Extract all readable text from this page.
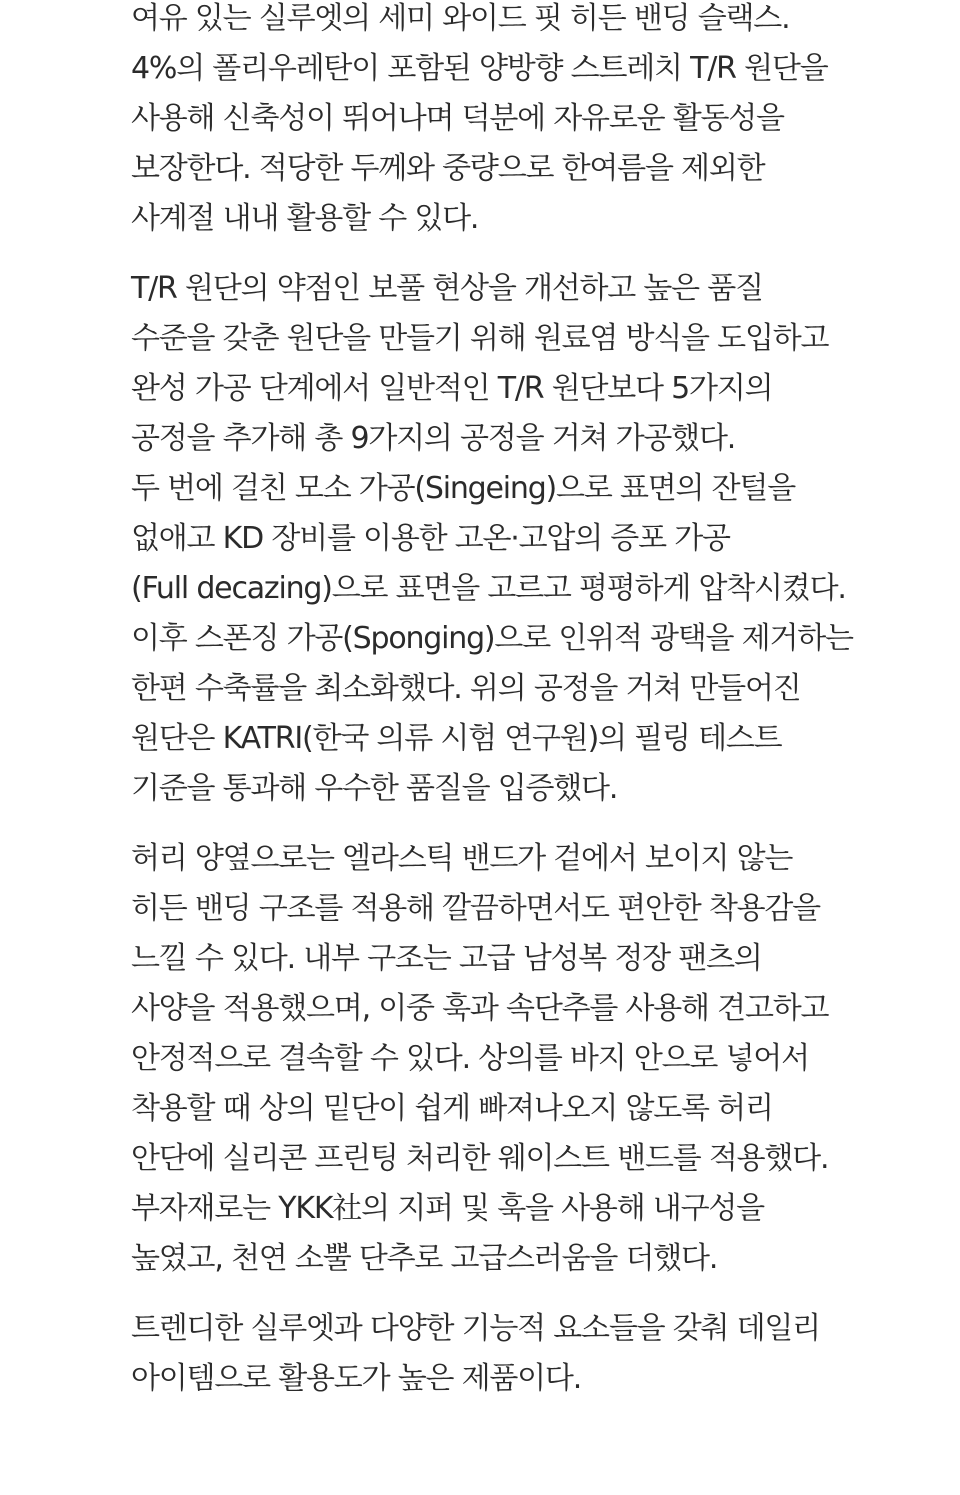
여유 있는 실루엣의 세미 와이드 핏 히든 밴딩 슬랙스.
4%의 폴리우레탄이 포함된 양방향 스트레치 T/R 원단을
사용해 신축성이 뛰어나며 덕분에 자유로운 활동성을
보장한다. 적당한 두께와 중량으로 한여름을 제외한
사계절 내내 활용할 수 있다.
T/R 원단의 약점인 보풀 현상을 개선하고 높은 품질
수준을 갖춘 원단을 만들기 위해 원료염 방식을 도입하고
완성 가공 단계에서 일반적인 T/R 원단보다 5가지의
공정을 추가해 총 9가지의 공정을 거쳐 가공했다.
두 번에 걸친 모소 가공(Singeing)으로 표면의 잔털을
없애고 KD 장비를 이용한 고온·고압의 증포 가공
(Full decazing)으로 표면을 고르고 평평하게 압착시켰다.
이후 스폰징 가공(Sponging)으로 인위적 광택을 제거하는
한편 수축률을 최소화했다. 위의 공정을 거쳐 만들어진
원단은 KATRI(한국 의류 시험 연구원)의 필링 테스트
기준을 통과해 우수한 품질을 입증했다.
허리 양옆으로는 엘라스틱 밴드가 겉에서 보이지 않는
히든 밴딩 구조를 적용해 깔끔하면서도 편안한 착용감을
느낄 수 있다. 내부 구조는 고급 남성복 정장 팬츠의
사양을 적용했으며, 이중 훅과 속단추를 사용해 견고하고
안정적으로 결속할 수 있다. 상의를 바지 안으로 넣어서
착용할 때 상의 밑단이 쉽게 빠져나오지 않도록 허리
안단에 실리콘 프린팅 처리한 웨이스트 밴드를 적용했다.
부자재로는 YKK社의 지퍼 및 훅을 사용해 내구성을
높였고, 천연 소뿔 단추로 고급스러움을 더했다.
트렌디한 실루엣과 다양한 기능적 요소들을 갖춰 데일리
아이템으로 활용도가 높은 제품이다.
